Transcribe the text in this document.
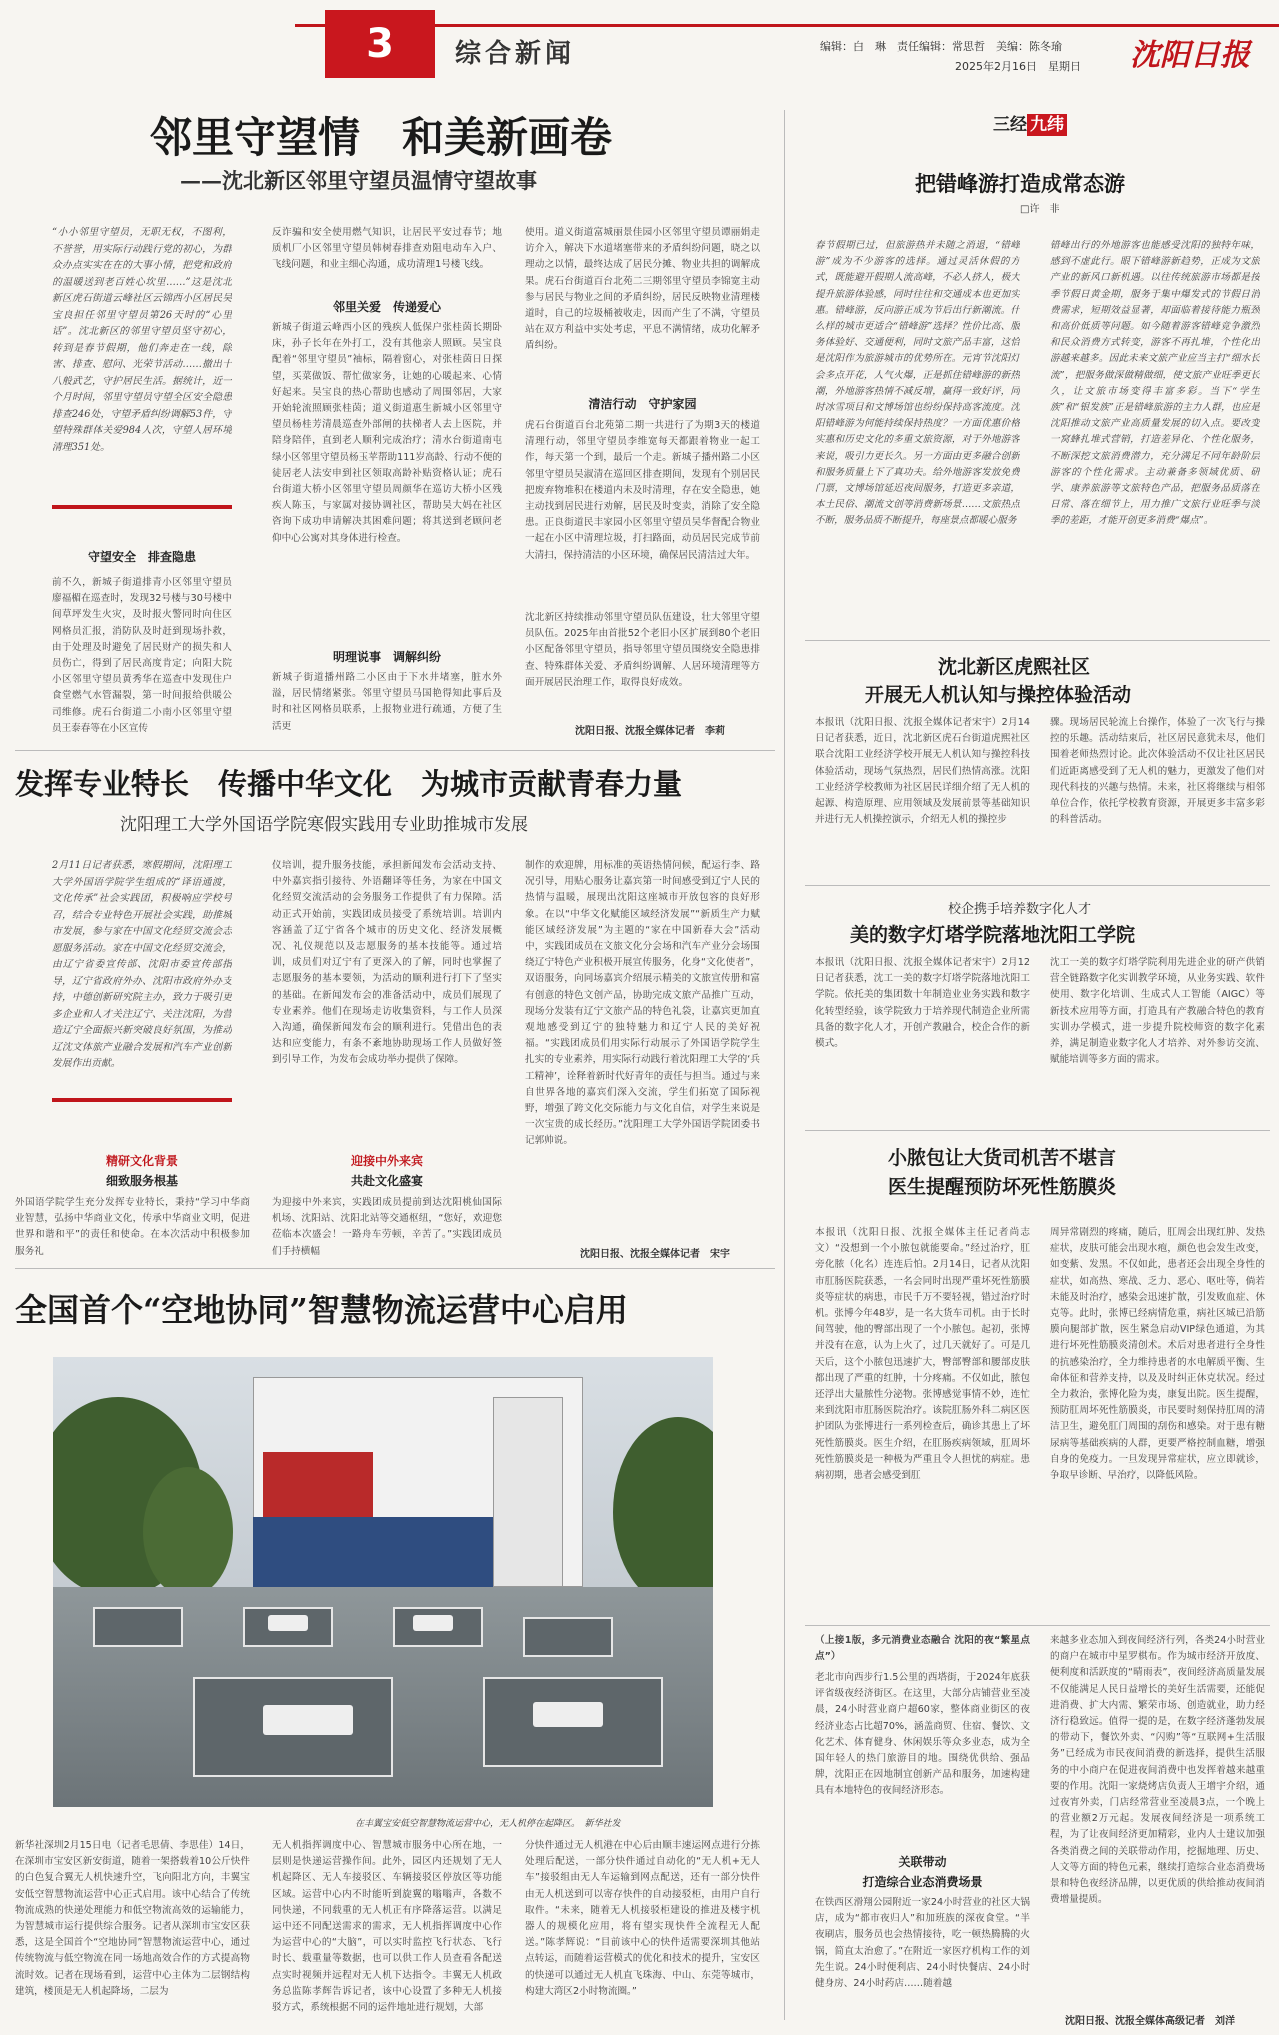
3	综合新闻	编辑：白　琳　责任编辑：常思哲　美编：陈冬瑜
2025年2月16日　星期日 沈阳日报
邻里守望情　和美新画卷
——沈北新区邻里守望员温情守望故事
“小小邻里守望员，无职无权，不图利，不誉誉，用实际行动践行党的初心，为群众办点实实在在的大事小情，把党和政府的温暖送到老百姓心坎里……”这是沈北新区虎石街道云峰社区云锦西小区居民吴宝良担任邻里守望员第26天时的“心里话”。沈北新区的邻里守望员坚守初心，转到是春节假期，他们奔走在一线，除害、排查、慰问、光荣节活动……撤出十八般武艺，守护居民生活。据统计，近一个月时间，邻里守望员守望全区安全隐患排查246处，守望矛盾纠纷调解53件，守望特殊群体关爱984人次，守望人居环境清理351处。
守望安全　排查隐患
前不久，新城子街道排青小区邻里守望员廖福楣在巡查时，发现32号楼与30号楼中间草坪发生火灾，及时报火警同时向住区网格员汇报，消防队及时赶到现场扑救，由于处理及时避免了居民财产的损失和人员伤亡，得到了居民高度肯定；向阳大院小区邻里守望员黄秀华在巡查中发现住户食堂燃气水管漏裂，第一时间报给供暖公司维修。虎石台街道二小南小区邻里守望员王泰春等在小区宣传
反诈骗和安全使用燃气知识，让居民平安过春节；地质机厂小区邻里守望员韩树春排查劝阻电动车入户、飞线问题，和业主细心沟通，成功清理1号楼飞线。
邻里关爱　传递爱心
新城子街道云峰西小区的残疾人低保户张桂茵长期卧床，孙子长年在外打工，没有其他亲人照顾。吴宝良配着“邻里守望员”袖标，隔着窗心，对张桂茵日日探望，买菜做饭、帮忙做家务，让她的心暖起来、心情好起来。吴宝良的热心帮助也感动了周围邻居，大家开始轮流照顾张桂茵；道义街道惠生新城小区邻里守望员杨桂芳清晨巡查外部闸的扶梯者人去上医院，并陪身陪伴，直到老人顺利完成治疗；清水台街道南屯绿小区邻里守望员杨玉苹帮助111岁高龄、行动不便的徒居老人法安申到社区领取高龄补贴资格认证；虎石台街道大桥小区邻里守望员周颜华在巡访大桥小区残疾人陈玉，与家属对接协调社区，帮助吴大妈在社区咨询下成功申请解决其困难问题；将其送到老顾问老仰中心公寓对其身体进行检查。
明理说事　调解纠纷
新城子街道播州路二小区由于下水井堵塞，脏水外溢，居民情绪紧张。邻里守望员马国艳得知此事后及时和社区网格员联系，上报物业进行疏通，方便了生活更
使用。道义街道富城丽景佳园小区邻里守望员谭丽娟走访介入，解决下水道堵塞带来的矛盾纠纷问题，晓之以理动之以情，最终达成了居民分摊、物业共担的调解成果。虎石台街道百台北苑二三期邻里守望员李锦宽主动参与居民与物业之间的矛盾纠纷，居民反映物业清理楼道时，自己的垃圾桶被收走，因而产生了不满，守望员站在双方利益中实处考虑，平息不满情绪，成功化解矛盾纠纷。
清洁行动　守护家园
虎石台街道百台北苑第二期一共进行了为期3天的楼道清理行动，邻里守望员李维宽每天都跟着物业一起工作，每天第一个到，最后一个走。新城子播州路二小区邻里守望员吴淑清在巡回区排查期间，发现有个别居民把废弃物堆积在楼道内未及时清理，存在安全隐患，她主动找到居民进行劝解，居民及时变卖，消除了安全隐患。正良街道民丰家园小区邻里守望员吴华督配合物业一起在小区中清理垃圾，打扫路面，动员居民完成节前大清扫，保持清洁的小区环境，确保居民清洁过大年。
沈北新区持续推动邻里守望员队伍建设，壮大邻里守望员队伍。2025年由首批52个老旧小区扩展到80个老旧小区配备邻里守望员，指导邻里守望员围绕安全隐患排查、特殊群体关爱、矛盾纠纷调解、人居环境清理等方面开展居民治理工作，取得良好成效。
沈阳日报、沈报全媒体记者　李莉
发挥专业特长　传播中华文化　为城市贡献青春力量
沈阳理工大学外国语学院寒假实践用专业助推城市发展
2月11日记者获悉，寒假期间，沈阳理工大学外国语学院学生组成的“译语通渡，文化传承”社会实践团，积极响应学校号召，结合专业特色开展社会实践，助推城市发展，参与家在中国文化经贸交流会志愿服务活动。家在中国文化经贸交流会，由辽宁省委宣传部、沈阳市委宣传部指导，辽宁省政府外办、沈阳市政府外办支持，中德创新研究院主办，致力于吸引更多企业和人才关注辽宁、关注沈阳，为营造辽宁全面振兴新突破良好氛围，为推动辽沈文体旅产业融合发展和汽车产业创新发展作出贡献。
精研文化背景
细致服务根基
外国语学院学生充分发挥专业特长，秉持“学习中华商业智慧，弘扬中华商业文化，传承中华商业文明，促进世界和谐和平”的责任和使命。在本次活动中积极参加服务礼
仪培训，提升服务技能，承担新闻发布会活动支持、中外嘉宾指引接待、外语翻译等任务，为家在中国文化经贸交流活动的会务服务工作提供了有力保障。活动正式开始前，实践团成员接受了系统培训。培训内容涵盖了辽宁省各个城市的历史文化、经济发展概况、礼仪规范以及志愿服务的基本技能等。通过培训，成员们对辽宁有了更深入的了解，同时也掌握了志愿服务的基本要领，为活动的顺利进行打下了坚实的基础。在新闻发布会的准备活动中，成员们展现了专业素养。他们在现场走访收集资料，与工作人员深入沟通，确保新闻发布会的顺利进行。凭借出色的表达和应变能力，有条不紊地协助现场工作人员做好签到引导工作，为发布会成功举办提供了保障。
迎接中外来宾
共赴文化盛宴
为迎接中外来宾，实践团成员提前到达沈阳桃仙国际机场、沈阳站、沈阳北站等交通枢纽，“您好，欢迎您莅临本次盛会！一路舟车劳顿，辛苦了。”实践团成员们手持横幅
制作的欢迎牌，用标准的英语热情问候，配运行李、路况引导，用贴心服务让嘉宾第一时间感受到辽宁人民的热情与温暖，展现出沈阳这座城市开放包容的良好形象。在以“中华文化赋能区域经济发展”“新质生产力赋能区域经济发展”为主题的“家在中国新春大会”活动中，实践团成员在文旅文化分会场和汽车产业分会场围绕辽宁特色产业积极开展宣传服务，化身“文化使者”，双语服务，向同场嘉宾介绍展示精美的文旅宣传册和富有创意的特色文创产品，协助完成文旅产品推广互动，现场分发装有辽宁文旅产品的特色礼袋，让嘉宾更加直观地感受到辽宁的独特魅力和辽宁人民的美好祝福。“实践团成员们用实际行动展示了外国语学院学生扎实的专业素养，用实际行动践行着沈阳理工大学的‘兵工精神’，诠释着新时代好青年的责任与担当。通过与来自世界各地的嘉宾们深入交流，学生们拓宽了国际视野，增强了跨文化交际能力与文化自信，对学生来说是一次宝贵的成长经历。”沈阳理工大学外国语学院团委书记郭帅说。
沈阳日报、沈报全媒体记者　宋宇
全国首个“空地协同”智慧物流运营中心启用
在丰翼宝安低空智慧物流运营中心，无人机停在起降区。　新华社发
新华社深圳2月15日电（记者毛思倩、李思佳）14日，在深圳市宝安区新安街道，随着一架搭载着10公斤快件的白色复合翼无人机快速升空，飞向阳北方向，丰翼宝安低空智慧物流运营中心正式启用。该中心结合了传统物流成熟的快递处理能力和低空物流高效的运输能力，为智慧城市运行提供综合服务。记者从深圳市宝安区获悉，这是全国首个“空地协同”智慧物流运营中心，通过传统物流与低空物流在同一场地高效合作的方式提高物流时效。记者在现场看到，运营中心主体为二层钢结构建筑，楼顶是无人机起降场，二层为
无人机指挥调度中心、智慧城市服务中心所在地，一层则是快递运营操作间。此外，园区内还规划了无人机起降区、无人车接驳区、车辆接驳区停放区等功能区域。运营中心内不时能听到旋翼的嗡嗡声，各数不同快递，不同载重的无人机正有序降落运营。以满足运中还不同配送需求的需求，无人机指挥调度中心作为运营中心的“大脑”，可以实时监控飞行状态、飞行时长、载重量等数据，也可以供工作人员查看各配送点实时视频并远程对无人机下达指令。丰翼无人机政务总监陈孝辉告诉记者，该中心设置了多种无人机接驳方式，系统根据不同的运件地址进行规划，大部
分快件通过无人机港在中心后由顺丰速运网点进行分拣处理后配送，一部分快件通过自动化的“无人机+无人车”接驳组由无人车运输到网点配送，还有一部分快件由无人机送到可以寄存快件的自动接驳柜，由用户自行取件。“未来，随着无人机接驳柜建设的推进及楼宇机器人的规模化应用，将有望实现快件全流程无人配送。”陈孝辉说：“目前该中心的快件适需要深圳其他站点转运，而随着运营模式的优化和技术的提升，宝安区的快递可以通过无人机直飞珠海、中山、东莞等城市，构建大湾区2小时物流圈。”
三经 九纬
把错峰游打造成常态游
□许　非
春节假期已过，但旅游热并未随之消退，“错峰游”成为不少游客的选择。通过灵活休假的方式，既能避开假期人流高峰，不必人挤人，极大提升旅游体验感，同时往往和交通成本也更加实惠。错峰游，反向游正成为节后出行新潮流。什么样的城市更适合“错峰游”选择？性价比高、服务体验好、交通便利，同时文旅产品丰富，这恰是沈阳作为旅游城市的优势所在。元宵节沈阳灯会多点开花，人气火爆，正是抓住错峰游的新热潮，外地游客热情不减反增，赢得一致好评，同时冰雪项目和文博场馆也纷纷保持高客流度。沈阳错峰游为何能持续保持热度？一方面优惠价格实惠和历史文化的多重文旅资源，对于外地游客来说，吸引力更长久。另一方面由更多融合创新和服务质量上下了真功夫。给外地游客发放免费门票，文博场馆延迟夜间服务，打造更多亲道，本土民俗、潮流文创等消费新场景……文旅热点不断，服务品质不断提升，每座景点都暖心服务
错峰出行的外地游客也能感受沈阳的独特年味，感到不虚此行。眼下错峰游新趋势，正成为文旅产业的新风口新机遇。以往传统旅游市场都是按季节假日黄金期，服务于集中爆发式的节假日消费需求，短期效益显著，却面临着接待能力瓶颈和高价低质等问题。如今随着游客错峰竞争激烈和民众消费方式转变，游客不再扎堆，个性化出游越来越多。因此未来文旅产业应当主打“细水长流”，把服务做深做精做细，使文旅产业旺季更长久，让文旅市场变得丰富多彩。当下“学生族”和“银发族”正是错峰旅游的主力人群，也应是沈阳推动文旅产业高质量发展的切入点。要改变一窝蜂扎堆式营销，打造差异化、个性化服务，不断深挖文旅消费潜力，充分满足不同年龄阶层游客的个性化需求。主动兼备多领域优质、研学、康养旅游等文旅特色产品，把服务品质落在日常、落在细节上，用力推广文旅行业旺季与淡季的差距，才能开创更多消费“爆点”。
沈北新区虎熙社区
开展无人机认知与操控体验活动
本报讯（沈阳日报、沈报全媒体记者宋宇）2月14日记者获悉，近日，沈北新区虎石台街道虎熙社区联合沈阳工业经济学校开展无人机认知与操控科技体验活动，现场气氛热烈，居民们热情高涨。沈阳工业经济学校教师为社区居民详细介绍了无人机的起源、构造原理、应用领域及发展前景等基础知识并进行无人机操控演示，介绍无人机的操控步
骤。现场居民轮流上台操作，体验了一次飞行与操控的乐趣。活动结束后，社区居民意犹未尽，他们围着老师热烈讨论。此次体验活动不仅让社区居民们近距离感受到了无人机的魅力，更激发了他们对现代科技的兴趣与热情。未来，社区将继续与相邻单位合作，依托学校教育资源，开展更多丰富多彩的科普活动。
校企携手培养数字化人才
美的数字灯塔学院落地沈阳工学院
本报讯（沈阳日报、沈报全媒体记者宋宇）2月12日记者获悉，沈工一美的数字灯塔学院落地沈阳工学院。依托美的集团数十年制造业业务实践和数字化转型经验，该学院致力于培养现代制造企业所需具备的数字化人才，开创产教融合，校企合作的新模式。
沈工一美的数字灯塔学院利用先进企业的研产供销营全链路数字化实训教学环境，从业务实践、软件使用、数字化培训、生成式人工智能（AIGC）等新技术应用等方面，打造具有产教融合特色的教育实训办学模式，进一步提升院校师资的数字化素养，满足制造业数字化人才培养、对外参访交流、赋能培训等多方面的需求。
小脓包让大货司机苦不堪言
医生提醒预防坏死性筋膜炎
本报讯（沈阳日报、沈报全媒体主任记者尚志文）“没想到一个小脓包就能要命。”经过治疗，肛旁化脓（化名）连连后怕。2月14日，记者从沈阳市肛肠医院获悉，一名会同时出现严重坏死性筋膜炎等症状的病患，市民千万不要轻视，错过治疗时机。张博今年48岁，是一名大货车司机。由于长时间驾驶，他的臀部出现了一个小脓包。起初，张博并没有在意，认为上火了，过几天就好了。可是几天后，这个小脓包迅速扩大，臀部臀部和腰部皮肤都出现了严重的红肿，十分疼痛。不仅如此，脓包还浮出大量脓性分泌物。张博感觉事情不妙，连忙来到沈阳市肛肠医院治疗。该院肛肠外科二病区医护团队为张博进行一系列检查后，确诊其患上了坏死性筋膜炎。医生介绍，在肛肠疾病领域，肛周坏死性筋膜炎是一种极为严重且令人担忧的病症。患病初期，患者会感受到肛
周异常剧烈的疼痛，随后，肛周会出现红肿、发热症状，皮肤可能会出现水疱，颜色也会发生改变，如变紫、发黑。不仅如此，患者还会出现全身性的症状，如高热、寒战、乏力、恶心、呕吐等，倘若未能及时治疗，感染会迅速扩散，引发败血症、休克等。此时，张博已经病情危重，病社区城已沿筋膜向腿部扩散，医生紧急启动VIP绿色通道，为其进行坏死性筋膜炎清创术。术后对患者进行全身性的抗感染治疗，全力维持患者的水电解质平衡、生命体征和营养支持，以及及时纠正休克状况。经过全力救治，张博化险为夷，康复出院。医生提醒，预防肛周坏死性筋膜炎，市民要时刻保持肛周的清洁卫生，避免肛门周围的刮伤和感染。对于患有糖尿病等基础疾病的人群，更要严格控制血糖，增强自身的免疫力。一旦发现异常症状，应立即就诊，争取早诊断、早治疗，以降低风险。
（上接1版，多元消费业态融合 沈阳的夜“繁星点点”）
老北市向西步行1.5公里的西塔街，于2024年底获评省级夜经济街区。在这里，大部分店铺营业至凌晨，24小时营业商户超60家，整体商业街区的夜经济业态占比超70%，涵盖商贸、住宿、餐饮、文化艺术、体育健身、休闲娱乐等众多业态，成为全国年轻人的热门旅游目的地。围绕优供给、强品牌，沈阳正在因地制宜创新产品和服务，加速构建具有本地特色的夜间经济形态。
关联带动
打造综合业态消费场景
在铁西区滑翔公园附近一家24小时营业的社区大锅店，成为“都市夜归人”和加班族的深夜食堂。“半夜刷店，服务员也会热情接待，吃一顿热腾腾的火锅，简直太治愈了。”在附近一家医疗机构工作的刘先生说。24小时便利店、24小时快餐店、24小时健身房、24小时药店……随着越
来越多业态加入到夜间经济行列，各类24小时营业的商户在城市中星罗棋布。作为城市经济开放度、便利度和活跃度的“晴雨表”，夜间经济高质量发展不仅能满足人民日益增长的美好生活需要，还能促进消费、扩大内需、繁荣市场、创造就业，助力经济行稳致远。值得一提的是，在数字经济蓬勃发展的带动下，餐饮外卖、“闪购”等“互联网+生活服务”已经成为市民夜间消费的新选择，提供生活服务的中小商户在促进夜间消费中也发挥着越来越重要的作用。沈阳一家烧烤店负责人王增宇介绍，通过夜宵外卖，门店经常营业至凌晨3点，一个晚上的营业额2万元起。发展夜间经济是一项系统工程，为了让夜间经济更加精彩，业内人士建议加强各类消费之间的关联带动作用，挖掘地理、历史、人文等方面的特色元素，继续打造综合业态消费场景和特色夜经济品牌，以更优质的供给推动夜间消费增量提质。
沈阳日报、沈报全媒体高级记者　刘洋
